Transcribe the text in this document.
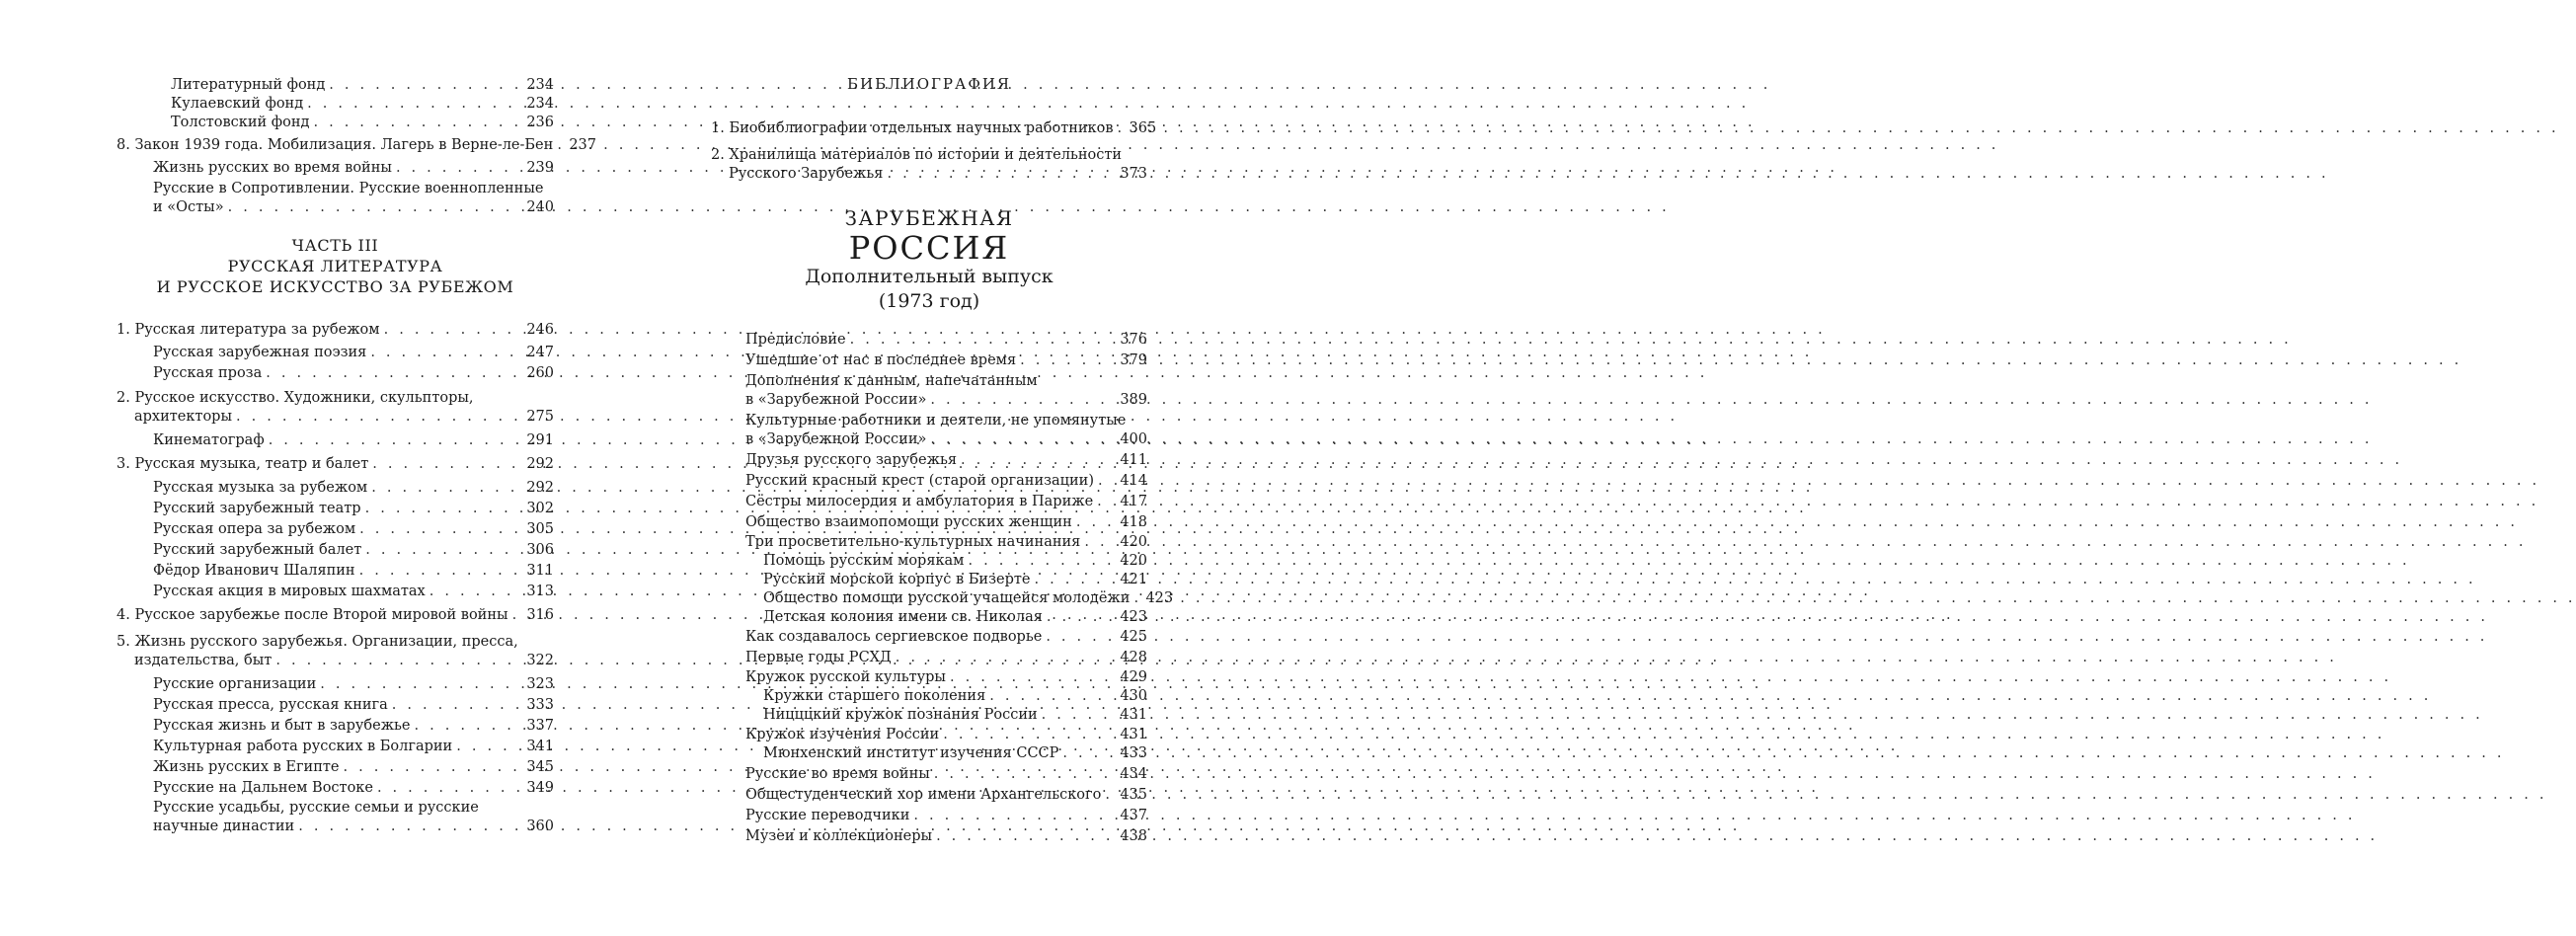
Литературный фонд . . .	234
Кулаевский фонд . . .	234
Толстовский фонд . . .	236
8. Закон 1939 года. Мобилизация. Лагерь в Верне-ле-Бен . . . 237
Жизнь русских во время войны . . .	239
Русские в Сопротивлении. Русские военнопленные
и «Осты» . . .	240
ЧАСТЬ III
РУССКАЯ ЛИТЕРАТУРА
И РУССКОЕ ИСКУССТВО ЗА РУБЕЖОМ
1. Русская литература за рубежом . . .	246
Русская зарубежная поэзия . . .	247
Русская проза . . .	260
2. Русское искусство. Художники, скульпторы,
архитекторы . . .	275
Кинематограф . . .	291
3. Русская музыка, театр и балет . . .	292
Русская музыка за рубежом . . .	292
Русский зарубежный театр . . .	302
Русская опера за рубежом . . .	305
Русский зарубежный балет . . .	306
Фёдор Иванович Шаляпин . . .	311
Русская акция в мировых шахматах . . .	313
4. Русское зарубежье после Второй мировой войны . . . 316
5. Жизнь русского зарубежья. Организации, пресса,
издательства, быт . . .	322
Русские организации . . .	323
Русская пресса, русская книга . . .	333
Русская жизнь и быт в зарубежье . . .	337
Культурная работа русских в Болгарии . . .	341
Жизнь русских в Египте . . .	345
Русские на Дальнем Востоке . . .	349
Русские усадьбы, русские семьи и русские
научные династии . . .	360
БИБЛИОГРАФИЯ
1. Биобиблиографии отдельных научных работников . . . 365
2. Хранилища материалов по истории и деятельности
Русского Зарубежья . . .	373
ЗАРУБЕЖНАЯ
РОССИЯ
Дополнительный выпуск
(1973 год)
Предисловие . . .	376
Ушедшие от нас в последнее время . . .	379
Дополнения к данным, напечатанным
в «Зарубежной России» . . .	389
Культурные работники и деятели, не упомянутые
в «Зарубежной России» . . .	400
Друзья русского зарубежья . . .	411
Русский красный крест (старой организации) . . . 414
Сёстры милосердия и амбулатория в Париже . . . 417
Общество взаимопомощи русских женщин . . .	418
Три просветительно-культурных начинания . . .	420
Помощь русским морякам . . .	420
Русский морской корпус в Бизерте . . .	421
Общество помощи русской учащейся молодёжи . . . 423
Детская колония имени св. Николая . . .	423
Как создавалось сергиевское подворье . . .	425
Первые годы РСХД . . .	428
Кружок русской культуры . . .	429
Кружки старшего поколения . . .	430
Ницццкий кружок познания России . . .	431
Кружок изучения России . . .	431
Мюнхенский институт изучения СССР . . .	433
Русские во время войны . . .	434
Общестуденческий хор имени Архангельского . . . 435
Русские переводчики . . .	437
Музеи и коллекционеры . . .	438
